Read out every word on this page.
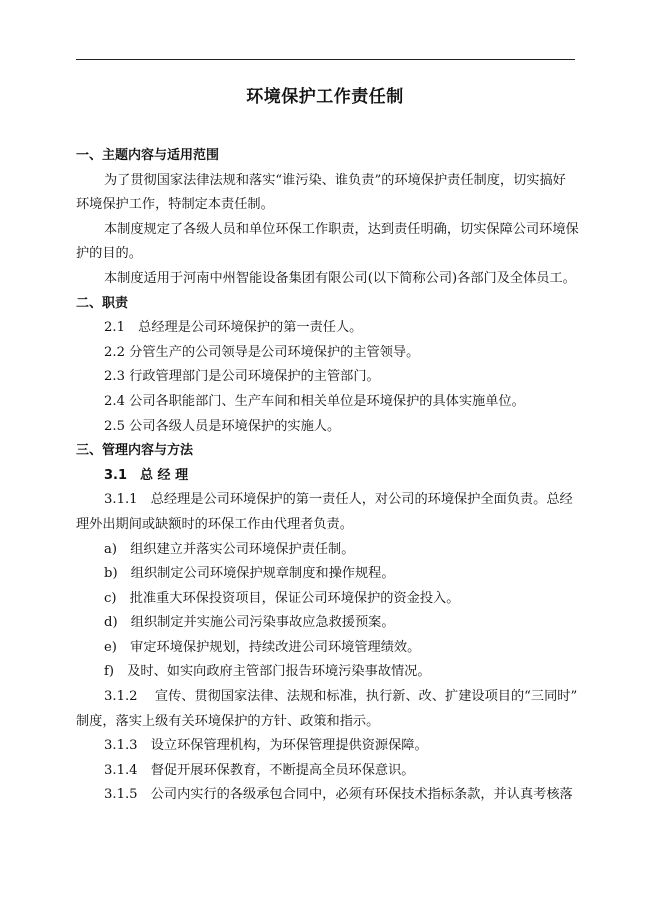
环境保护工作责任制

一、主题内容与适用范围

为了贯彻国家法律法规和落实“谁污染、谁负责”的环境保护责任制度，切实搞好

环境保护工作，特制定本责任制。

本制度规定了各级人员和单位环保工作职责，达到责任明确，切实保障公司环境保

护的目的。

本制度适用于河南中州智能设备集团有限公司(以下简称公司)各部门及全体员工。

二、职责

2.1　总经理是公司环境保护的第一责任人。

2.2 分管生产的公司领导是公司环境保护的主管领导。

2.3 行政管理部门是公司环境保护的主管部门。

2.4 公司各职能部门、生产车间和相关单位是环境保护的具体实施单位。

2.5 公司各级人员是环境保护的实施人。

三、管理内容与方法

3.1　总 经 理

3.1.1　总经理是公司环境保护的第一责任人，对公司的环境保护全面负责。总经

理外出期间或缺额时的环保工作由代理者负责。

a)　组织建立并落实公司环境保护责任制。

b)　组织制定公司环境保护规章制度和操作规程。

c)　批准重大环保投资项目，保证公司环境保护的资金投入。

d)　组织制定并实施公司污染事故应急救援预案。

e)　审定环境保护规划，持续改进公司环境管理绩效。

f)　及时、如实向政府主管部门报告环境污染事故情况。

3.1.2　 宣传、贯彻国家法律、法规和标准，执行新、改、扩建设项目的“三同时”

制度，落实上级有关环境保护的方针、政策和指示。

3.1.3　设立环保管理机构，为环保管理提供资源保障。

3.1.4　督促开展环保教育，不断提高全员环保意识。

3.1.5　公司内实行的各级承包合同中，必须有环保技术指标条款，并认真考核落
